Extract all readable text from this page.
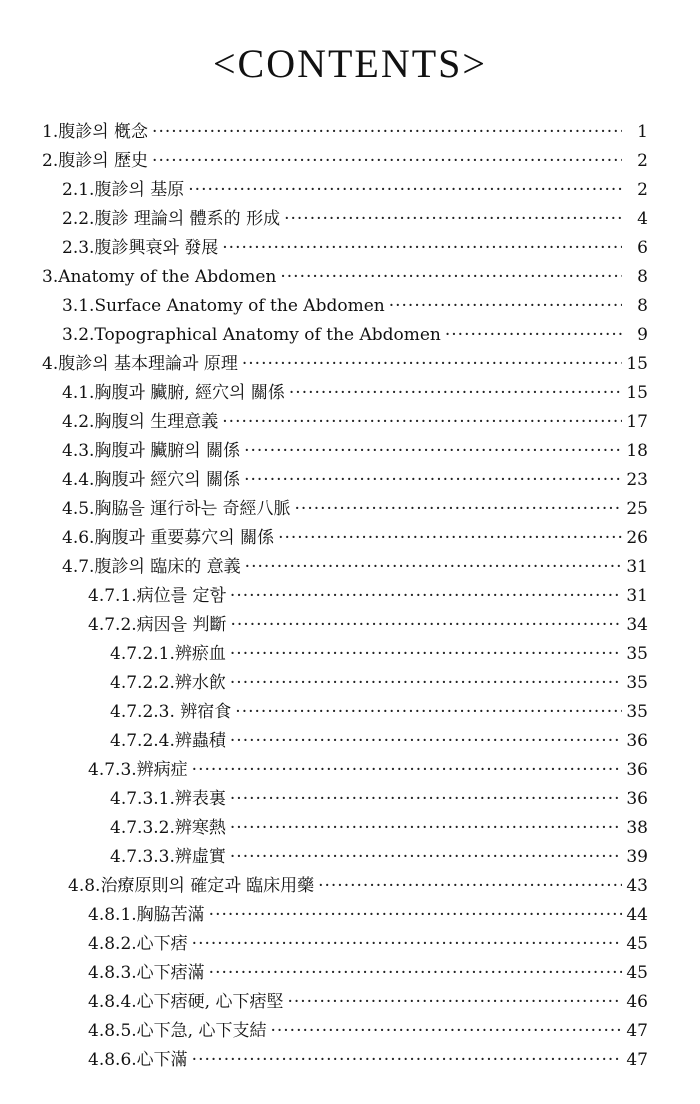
<CONTENTS>
1.腹診의 槪念 ·····	1
2.腹診의 歷史 ·····	2
2.1.腹診의 基原 ·····	2
2.2.腹診 理論의 體系的 形成 ·····	4
2.3.腹診興衰와 發展 ·····	6
3.Anatomy of the Abdomen ·····	8
3.1.Surface Anatomy of the Abdomen ·····	8
3.2.Topographical Anatomy of the Abdomen ·····	9
4.腹診의 基本理論과 原理 ·····	15
4.1.胸腹과 臟腑, 經穴의 關係 ·····	15
4.2.胸腹의 生理意義 ·····	17
4.3.胸腹과 臟腑의 關係 ·····	18
4.4.胸腹과 經穴의 關係 ·····	23
4.5.胸脇을 運行하는 奇經八脈 ·····	25
4.6.胸腹과 重要募穴의 關係 ·····	26
4.7.腹診의 臨床的 意義 ·····	31
4.7.1.病位를 定함 ·····	31
4.7.2.病因을 判斷 ·····	34
4.7.2.1.辨瘀血 ·····	35
4.7.2.2.辨水飮 ·····	35
4.7.2.3. 辨宿食 ·····	35
4.7.2.4.辨蟲積 ·····	36
4.7.3.辨病症 ·····	36
4.7.3.1.辨表裏 ·····	36
4.7.3.2.辨寒熱 ·····	38
4.7.3.3.辨虛實 ·····	39
4.8.治療原則의 確定과 臨床用藥 ·····	43
4.8.1.胸脇苦滿 ·····	44
4.8.2.心下痞 ·····	45
4.8.3.心下痞滿 ·····	45
4.8.4.心下痞硬, 心下痞堅 ·····	46
4.8.5.心下急, 心下支結 ·····	47
4.8.6.心下滿 ·····	47
